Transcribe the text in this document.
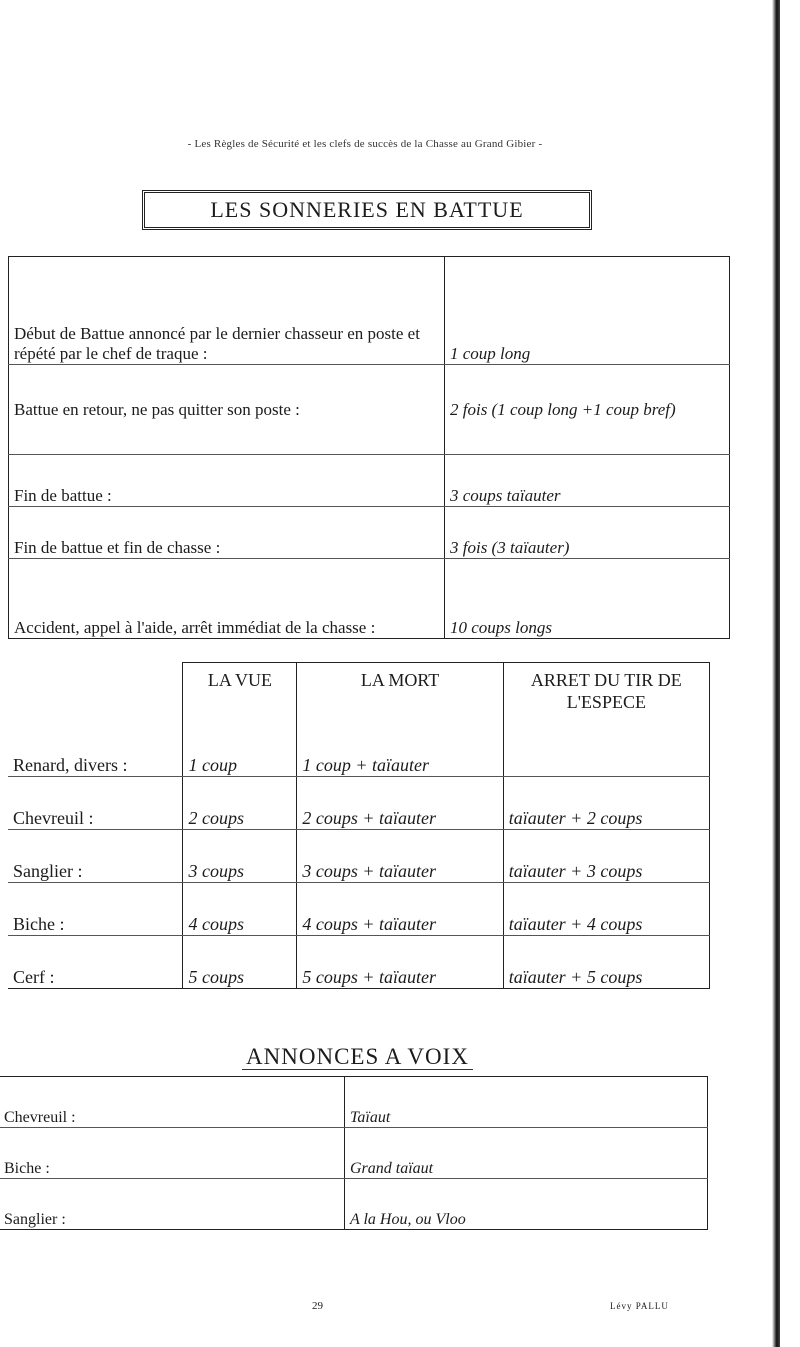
- Les Règles de Sécurité et les clefs de succès de la Chasse au Grand Gibier -
LES SONNERIES EN BATTUE
Début de Battue annoncé par le dernier chasseur en poste et répété par le chef de traque :	1 coup long
Battue en retour, ne pas quitter son poste :	2 fois (1 coup long +1 coup bref)
Fin de battue :	3 coups taïauter
Fin de battue et fin de chasse :	3 fois (3 taïauter)
Accident, appel à l'aide, arrêt immédiat de la chasse :	10 coups longs
	LA VUE	LA MORT	ARRET DU TIR DE L'ESPECE
Renard, divers :	1 coup	1 coup + taïauter	
Chevreuil :	2 coups	2 coups + taïauter	taïauter + 2 coups
Sanglier :	3 coups	3 coups + taïauter	taïauter + 3 coups
Biche :	4 coups	4 coups + taïauter	taïauter + 4 coups
Cerf :	5 coups	5 coups + taïauter	taïauter + 5 coups
ANNONCES A VOIX
Chevreuil :	Taïaut
Biche :	Grand taïaut
Sanglier :	A la Hou, ou Vloo
29	Lévy PALLU
